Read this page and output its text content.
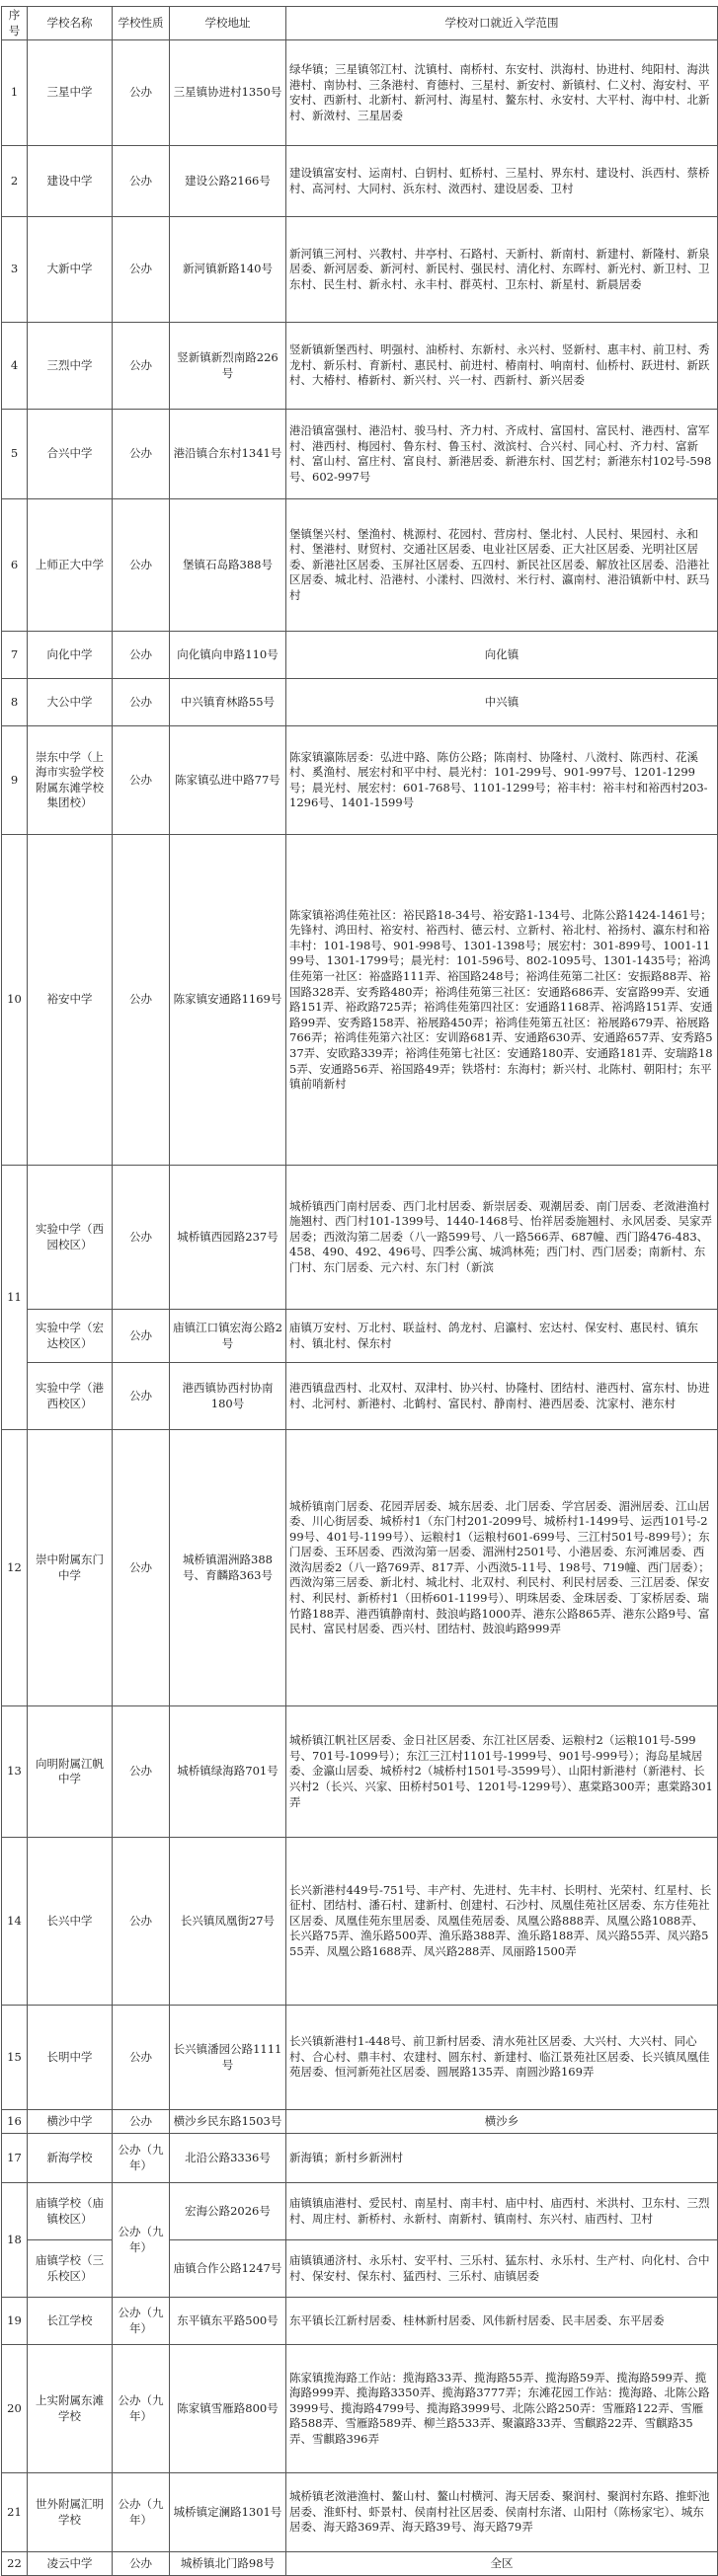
序号	学校名称	学校性质	学校地址	学校对口就近入学范围
1	三星中学	公办	三星镇协进村1350号	绿华镇；三星镇邻江村、沈镇村、南桥村、东安村、洪海村、协进村、纯阳村、海洪港村、南协村、三条港村、育德村、三星村、新安村、新镇村、仁义村、海安村、平安村、西新村、北新村、新河村、海星村、鳌东村、永安村、大平村、海中村、北新村、新滧村、三星居委
2	建设中学	公办	建设公路2166号	建设镇富安村、运南村、白钥村、虹桥村、三星村、界东村、建设村、浜西村、蔡桥村、高河村、大同村、浜东村、滧西村、建设居委、卫村
3	大新中学	公办	新河镇新路140号	新河镇三河村、兴教村、井亭村、石路村、天新村、新南村、新建村、新隆村、新泉居委、新河居委、新河村、新民村、强民村、清化村、东晖村、新光村、新卫村、卫东村、民生村、新永村、永丰村、群英村、卫东村、新星村、新晨居委
4	三烈中学	公办	竖新镇新烈南路226号	竖新镇新堡西村、明强村、油桥村、东新村、永兴村、竖新村、惠丰村、前卫村、秀龙村、新乐村、育新村、惠民村、前进村、椿南村、响南村、仙桥村、跃进村、新跃村、大椿村、椿新村、新兴村、兴一村、西新村、新兴居委
5	合兴中学	公办	港沿镇合东村1341号	港沿镇富强村、港沿村、骏马村、齐力村、齐成村、富国村、富民村、港西村、富军村、港西村、梅园村、鲁东村、鲁玉村、滧滨村、合兴村、同心村、齐力村、富新村、富山村、富庄村、富良村、新港居委、新港东村、国艺村；新港东村102号-598号、602-997号
6	上师正大中学	公办	堡镇石岛路388号	堡镇堡兴村、堡渔村、桃源村、花园村、营房村、堡北村、人民村、果园村、永和村、堡港村、财贸村、交通社区居委、电业社区居委、正大社区居委、光明社区居委、新港社区居委、玉屏社区居委、五四村、新民社区居委、解放社区居委、沿港社区居委、城北村、沿港村、小漾村、四滧村、米行村、瀛南村、港沿镇新中村、跃马村
7	向化中学	公办	向化镇向申路110号	向化镇
8	大公中学	公办	中兴镇育林路55号	中兴镇
9	崇东中学（上海市实验学校附属东滩学校集团校）	公办	陈家镇弘进中路77号	陈家镇瀛陈居委：弘进中路、陈仿公路；陈南村、协隆村、八滧村、陈西村、花溪村、奚渔村、展宏村和平中村、晨光村：101-299号、901-997号、1201-1299号；晨光村、展宏村：601-768号、1101-1299号；裕丰村：裕丰村和裕西村203-1296号、1401-1599号
10	裕安中学	公办	陈家镇安通路1169号	陈家镇裕鸿佳苑社区：裕民路18-34号、裕安路1-134号、北陈公路1424-1461号；先锋村、鸿田村、裕安村、裕西村、德云村、立新村、裕北村、裕扬村、瀛东村和裕丰村：101-198号、901-998号、1301-1398号；展宏村：301-899号、1001-1199号、1301-1799号；晨光村：101-596号、802-1095号、1301-1435号；裕鸿佳苑第一社区：裕盛路111弄、裕国路248号；裕鸿佳苑第二社区：安振路88弄、裕国路328弄、安秀路480弄；裕鸿佳苑第三社区：安通路686弄、安富路99弄、安通路151弄、裕政路725弄；裕鸿佳苑第四社区：安通路1168弄、裕鸿路151弄、安通路99弄、安秀路158弄、裕展路450弄；裕鸿佳苑第五社区：裕展路679弄、裕展路766弄；裕鸿佳苑第六社区：安训路681弄、安通路630弄、安通路657弄、安秀路537弄、安欧路339弄；裕鸿佳苑第七社区：安通路180弄、安通路181弄、安瑞路185弄、安通路56弄、裕国路49弄；铁塔村：东海村；新兴村、北陈村、朝阳村；东平镇前哨新村
11	实验中学（西园校区）	公办	城桥镇西园路237号	城桥镇西门南村居委、西门北村居委、新崇居委、观潮居委、南门居委、老滧港渔村施翘村、西门村101-1399号、1440-1468号、怡祥居委施翘村、永风居委、吴家弄居委；西滧沟第二居委（八一路599号、八一路566弄、687幢、西门路476-483、458、490、492、496号、四季公寓、城鸿林苑；西门村、西门居委；南新村、东门村、东门居委、元六村、东门村（新滨
	实验中学（宏达校区）	公办	庙镇江口镇宏海公路2号	庙镇万安村、万北村、联益村、鸽龙村、启瀛村、宏达村、保安村、惠民村、镇东村、镇北村、保东村
	实验中学（港西校区）	公办	港西镇协西村协南180号	港西镇盘西村、北双村、双津村、协兴村、协隆村、团结村、港西村、富东村、协进村、北河村、新港村、北鹤村、富民村、静南村、港西居委、沈家村、港东村
12	崇中附属东门中学	公办	城桥镇湄洲路388号、育麟路363号	城桥镇南门居委、花园弄居委、城东居委、北门居委、学宫居委、湄洲居委、江山居委、川心街居委、城桥村1（东门村201-2099号、城桥村1-1499号、运西101号-299号、401号-1199号）、运粮村1（运粮村601-699号、三江村501号-899号）；东门居委、玉环居委、西滧沟第一居委、湄洲村2501号、小港居委、东河滩居委、西滧沟居委2（八一路769弄、817弄、小西滧5-11号、198号、719幢、西门居委）；西滧沟第三居委、新北村、城北村、北双村、利民村、利民村居委、三江居委、保安村、利民村、新桥村1（田桥601-1199号）、明珠居委、金珠居委、丁家桥居委、瑞竹路188弄、港西镇静南村、鼓浪屿路1000弄、港东公路865弄、港东公路9号、富民村、富民村居委、西兴村、团结村、鼓浪屿路999弄
13	向明附属江帆中学	公办	城桥镇绿海路701号	城桥镇江帆社区居委、金日社区居委、东江社区居委、运粮村2（运粮101号-599号、701号-1099号）；东江三江村1101号-1999号、901号-999号）；海岛星城居委、金瀛山居委、城桥村2（城桥村1501号-3599号）、山阳村新港村（新港村、长兴村2（长兴、兴家、田桥村501号、1201号-1299号）、惠棠路300弄；惠棠路301弄
14	长兴中学	公办	长兴镇凤凰街27号	长兴新港村449号-751号、丰产村、先进村、先丰村、长明村、光荣村、红星村、长征村、团结村、潘石村、建新村、创建村、石沙村、凤凰佳苑社区居委、东方佳苑社区居委、凤凰佳苑东里居委、凤凰佳苑居委、凤凰公路888弄、凤凰公路1088弄、长兴路75弄、渔乐路500弄、渔乐路388弄、渔乐路188弄、凤兴路55弄、凤兴路555弄、凤凰公路1688弄、凤兴路288弄、凤丽路1500弄
15	长明中学	公办	长兴镇潘园公路1111号	长兴镇新港村1-448号、前卫新村居委、清水苑社区居委、大兴村、大兴村、同心村、合心村、鼎丰村、农建村、圆东村、新建村、临江景苑社区居委、长兴镇凤凰佳苑居委、恒河新苑社区居委、圆展路135弄、南圆沙路169弄
16	横沙中学	公办	横沙乡民东路1503号	横沙乡
17	新海学校	公办（九年）	北沿公路3336号	新海镇；新村乡新洲村
18	庙镇学校（庙镇校区）	公办（九年）	宏海公路2026号	庙镇镇庙港村、爱民村、南星村、南丰村、庙中村、庙西村、米洪村、卫东村、三烈村、周庄村、新桥村、永新村、南新村、镇南村、东兴村、庙西村、卫村
	庙镇学校（三乐校区）		庙镇合作公路1247号	庙镇镇通济村、永乐村、安平村、三乐村、猛东村、永乐村、生产村、向化村、合中村、保安村、保东村、猛西村、三乐村、庙镇居委
19	长江学校	公办（九年）	东平镇东平路500号	东平镇长江新村居委、桂林新村居委、风伟新村居委、民丰居委、东平居委
20	上实附属东滩学校	公办（九年）	陈家镇雪雁路800号	陈家镇揽海路工作站：揽海路33弄、揽海路55弄、揽海路59弄、揽海路599弄、揽海路999弄、揽海路3350弄、揽海路3777弄；东滩花园工作站：揽海路、北陈公路3999号、揽海路4799号、揽海路3999号、北陈公路250弄：雪雁路122弄、雪雁路588弄、雪雁路589弄、柳兰路533弄、聚瀛路33弄、雪麒路22弄、雪麒路35弄、雪麒路396弄
21	世外附属汇明学校	公办（九年）	城桥镇定澜路1301号	城桥镇老滧港渔村、鳌山村、鳌山村横河、海天居委、聚润村、聚润村东路、推虾池居委、淮虾村、虾景村、侯南村社区居委、侯南村东渚、山阳村（陈杨家宅）、城东居委、海天路369弄、海天路39号、海天路79弄
22	凌云中学	公办	城桥镇北门路98号	全区
